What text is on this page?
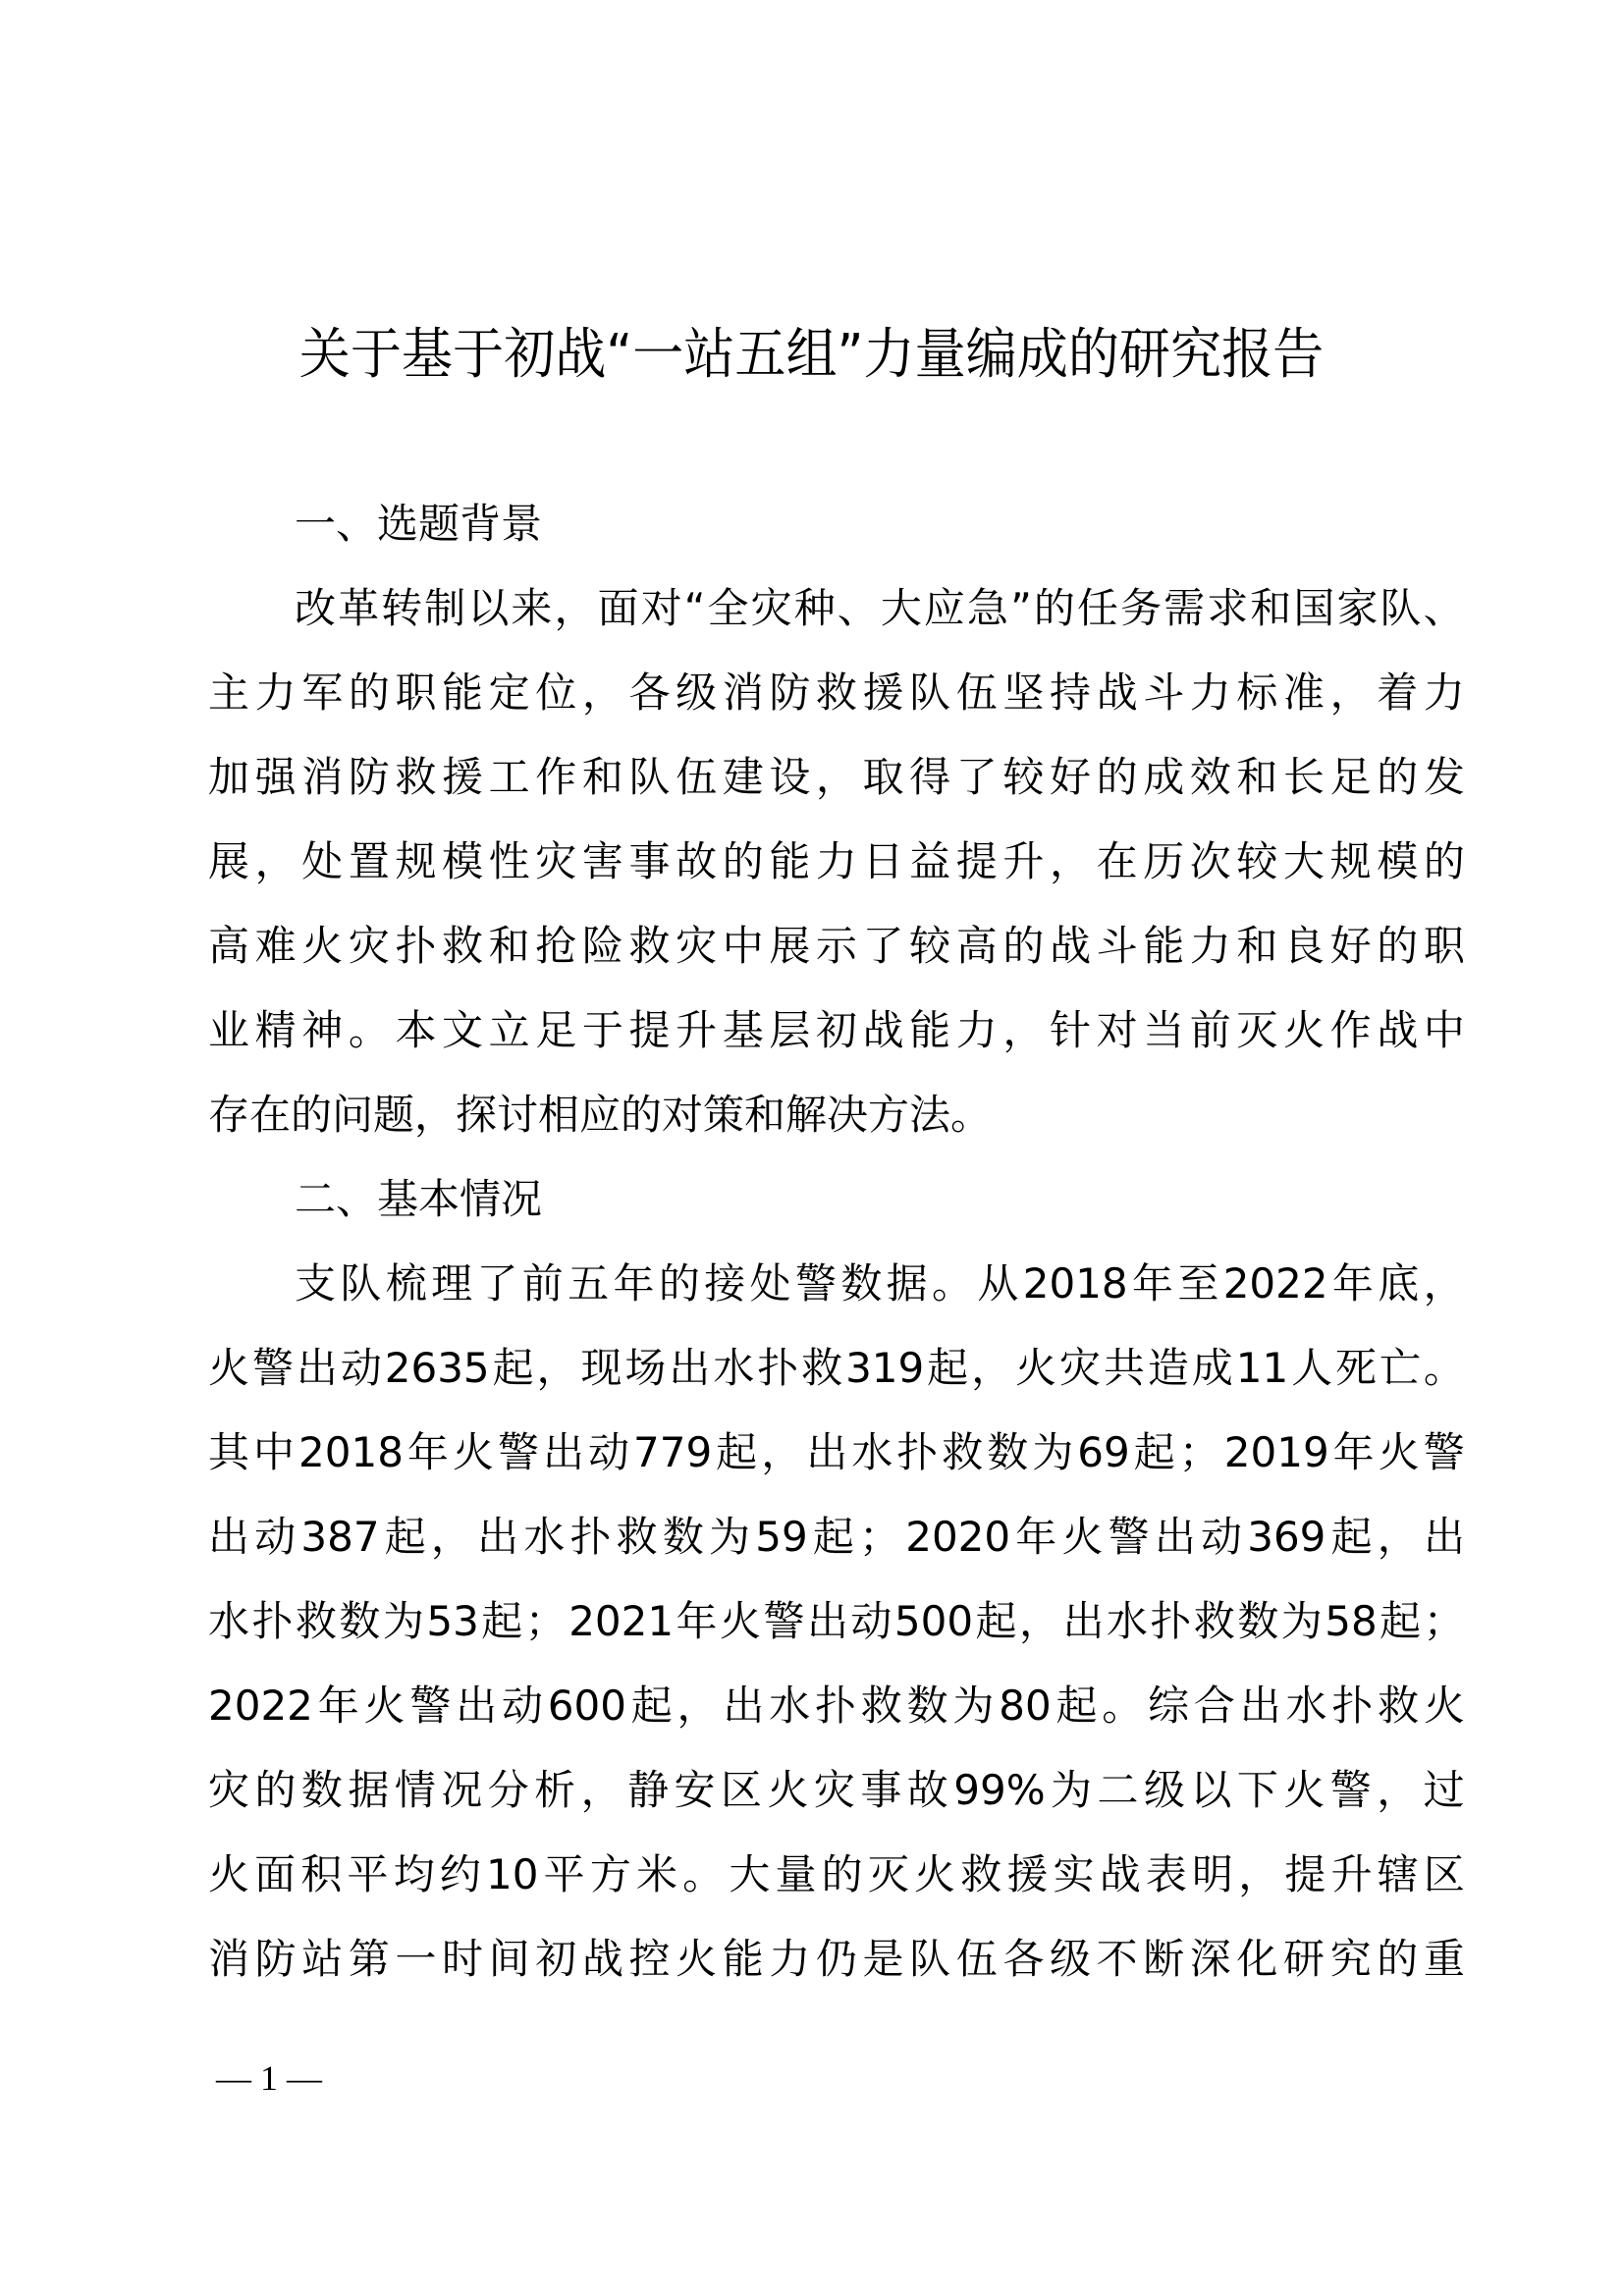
关于基于初战“一站五组”力量编成的研究报告
一、选题背景
改 革 转 制 以 来 ， 面 对 “ 全 灾 种 、 大 应 急 ” 的 任 务 需 求 和 国 家 队 、
主 力 军 的 职 能 定 位 ， 各 级 消 防 救 援 队 伍 坚 持 战 斗 力 标 准 ， 着 力
加 强 消 防 救 援 工 作 和 队 伍 建 设 ， 取 得 了 较 好 的 成 效 和 长 足 的 发
展 ， 处 置 规 模 性 灾 害 事 故 的 能 力 日 益 提 升 ， 在 历 次 较 大 规 模 的
高 难 火 灾 扑 救 和 抢 险 救 灾 中 展 示 了 较 高 的 战 斗 能 力 和 良 好 的 职
业 精 神 。 本 文 立 足 于 提 升 基 层 初 战 能 力 ， 针 对 当 前 灭 火 作 战 中
存在的问题，探讨相应的对策和解决方法。
二、基本情况
支 队 梳 理 了 前 五 年 的 接 处 警 数 据 。 从 2018 年 至 2022 年 底 ，
火 警 出 动 2635 起 ， 现 场 出 水 扑 救 319 起 ， 火 灾 共 造 成 11 人 死 亡 。
其 中 2018 年 火 警 出 动 779 起 ， 出 水 扑 救 数 为 69 起 ； 2019 年 火 警
出 动 387 起 ， 出 水 扑 救 数 为 59 起 ； 2020 年 火 警 出 动 369 起 ， 出
水 扑 救 数 为 53 起 ； 2021 年 火 警 出 动 500 起 ， 出 水 扑 救 数 为 58 起 ；
2022 年 火 警 出 动 600 起 ， 出 水 扑 救 数 为 80 起 。 综 合 出 水 扑 救 火
灾 的 数 据 情 况 分 析 ， 静 安 区 火 灾 事 故 99% 为 二 级 以 下 火 警 ， 过
火 面 积 平 均 约 10 平 方 米 。 大 量 的 灭 火 救 援 实 战 表 明 ， 提 升 辖 区
消 防 站 第 一 时 间 初 战 控 火 能 力 仍 是 队 伍 各 级 不 断 深 化 研 究 的 重
— 1 —
